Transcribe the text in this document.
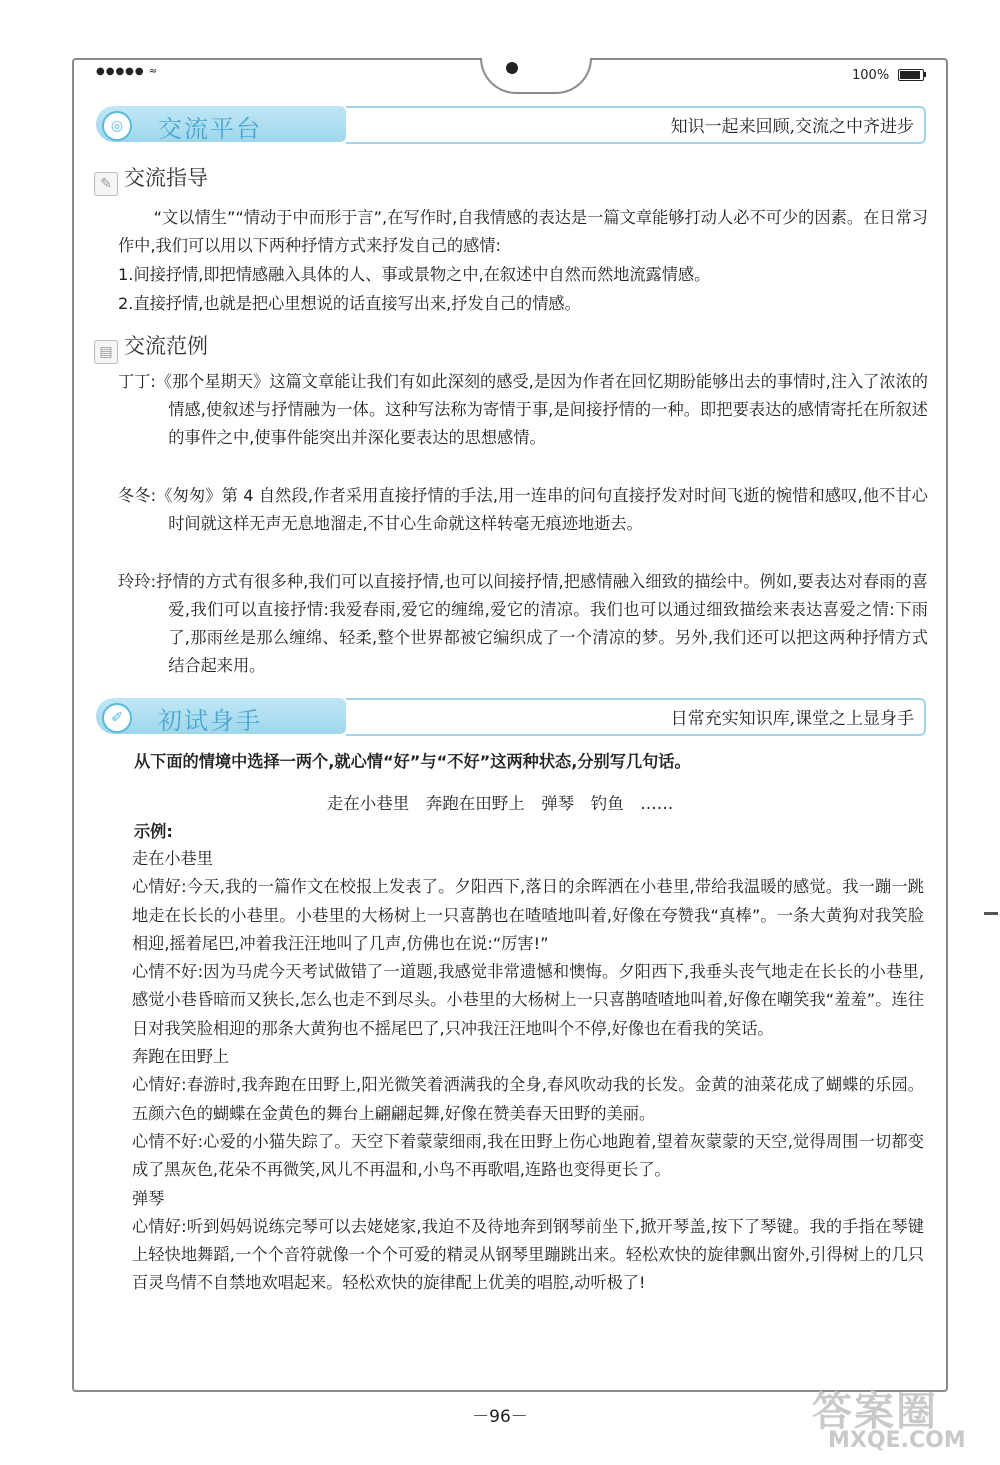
●●●●● ≈	100%
◎	交流平台	知识一起来回顾,交流之中齐进步
✎ 交流指导
“文以情生”“情动于中而形于言”,在写作时,自我情感的表达是一篇文章能够打动人必不可少的因素。在日常习作中,我们可以用以下两种抒情方式来抒发自己的感情:
1.间接抒情,即把情感融入具体的人、事或景物之中,在叙述中自然而然地流露情感。
2.直接抒情,也就是把心里想说的话直接写出来,抒发自己的情感。
▤ 交流范例
丁丁:《那个星期天》这篇文章能让我们有如此深刻的感受,是因为作者在回忆期盼能够出去的事情时,注入了浓浓的情感,使叙述与抒情融为一体。这种写法称为寄情于事,是间接抒情的一种。即把要表达的感情寄托在所叙述的事件之中,使事件能突出并深化要表达的思想感情。
冬冬:《匆匆》第 4 自然段,作者采用直接抒情的手法,用一连串的问句直接抒发对时间飞逝的惋惜和感叹,他不甘心时间就这样无声无息地溜走,不甘心生命就这样转毫无痕迹地逝去。
玲玲:抒情的方式有很多种,我们可以直接抒情,也可以间接抒情,把感情融入细致的描绘中。例如,要表达对春雨的喜爱,我们可以直接抒情:我爱春雨,爱它的缠绵,爱它的清凉。我们也可以通过细致描绘来表达喜爱之情:下雨了,那雨丝是那么缠绵、轻柔,整个世界都被它编织成了一个清凉的梦。另外,我们还可以把这两种抒情方式结合起来用。
✐	初试身手	日常充实知识库,课堂之上显身手
从下面的情境中选择一两个,就心情“好”与“不好”这两种状态,分别写几句话。
走在小巷里　奔跑在田野上　弹琴　钓鱼　……
示例:

走在小巷里

心情好:今天,我的一篇作文在校报上发表了。夕阳西下,落日的余晖洒在小巷里,带给我温暖的感觉。我一蹦一跳地走在长长的小巷里。小巷里的大杨树上一只喜鹊也在喳喳地叫着,好像在夸赞我“真棒”。一条大黄狗对我笑脸相迎,摇着尾巴,冲着我汪汪地叫了几声,仿佛也在说:“厉害!”

心情不好:因为马虎今天考试做错了一道题,我感觉非常遗憾和懊悔。夕阳西下,我垂头丧气地走在长长的小巷里,感觉小巷昏暗而又狭长,怎么也走不到尽头。小巷里的大杨树上一只喜鹊喳喳地叫着,好像在嘲笑我“羞羞”。连往日对我笑脸相迎的那条大黄狗也不摇尾巴了,只冲我汪汪地叫个不停,好像也在看我的笑话。

奔跑在田野上

心情好:春游时,我奔跑在田野上,阳光微笑着洒满我的全身,春风吹动我的长发。金黄的油菜花成了蝴蝶的乐园。五颜六色的蝴蝶在金黄色的舞台上翩翩起舞,好像在赞美春天田野的美丽。

心情不好:心爱的小猫失踪了。天空下着蒙蒙细雨,我在田野上伤心地跑着,望着灰蒙蒙的天空,觉得周围一切都变成了黑灰色,花朵不再微笑,风儿不再温和,小鸟不再歌唱,连路也变得更长了。

弹琴

心情好:听到妈妈说练完琴可以去姥姥家,我迫不及待地奔到钢琴前坐下,掀开琴盖,按下了琴键。我的手指在琴键上轻快地舞蹈,一个个音符就像一个个可爱的精灵从钢琴里蹦跳出来。轻松欢快的旋律飘出窗外,引得树上的几只百灵鸟情不自禁地欢唱起来。轻松欢快的旋律配上优美的唱腔,动听极了!

－96－	答案圈
MXQE.COM
